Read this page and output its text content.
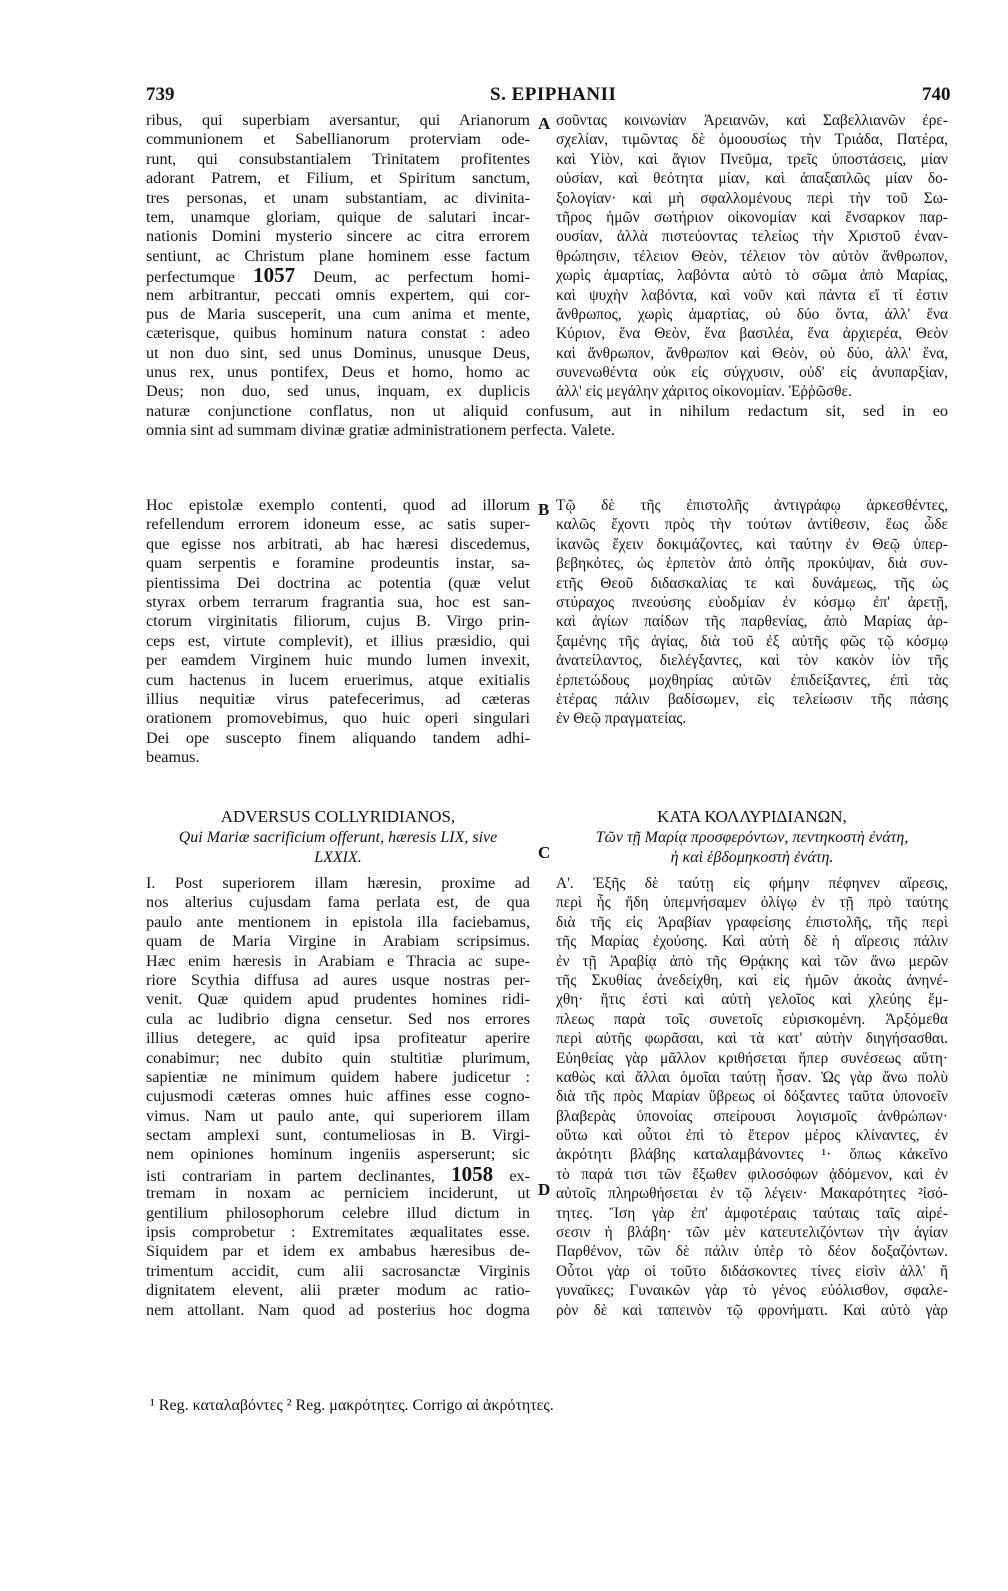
739	S. EPIPHANII	740
A
B
C
D
ribus, qui superbiam aversantur, qui Arianorum
communionem et Sabellianorum proterviam ode-
runt, qui consubstantialem Trinitatem profitentes
adorant Patrem, et Filium, et Spiritum sanctum,
tres personas, et unam substantiam, ac divinita-
tem, unamque gloriam, quique de salutari incar-
nationis Domini mysterio sincere ac citra errorem
sentiunt, ac Christum plane hominem esse factum
perfectumque 1057 Deum, ac perfectum homi-
nem arbitrantur, peccati omnis expertem, qui cor-
pus de Maria susceperit, una cum anima et mente,
cæterisque, quibus hominum natura constat : adeo
ut non duo sint, sed unus Dominus, unusque Deus,
unus rex, unus pontifex, Deus et homo, homo ac
Deus; non duo, sed unus, inquam, ex duplicis
σοῦντας κοινωνίαν Ἀρειανῶν, καὶ Σαβελλιανῶν ἐρε-
σχελίαν, τιμῶντας δὲ ὁμοουσίως τὴν Τριάδα, Πατέρα,
καὶ Υἱὸν, καὶ ἅγιον Πνεῦμα, τρεῖς ὑποστάσεις, μίαν
οὐσίαν, καὶ θεότητα μίαν, καὶ ἀπαξαπλῶς μίαν δο-
ξολογίαν· καὶ μὴ σφαλλομένους περὶ τὴν τοῦ Σω-
τῆρος ἡμῶν σωτήριον οἰκονομίαν καὶ ἔνσαρκον παρ-
ουσίαν, ἀλλὰ πιστεύοντας τελείως τὴν Χριστοῦ ἐναν-
θρώπησιν, τέλειον Θεὸν, τέλειον τὸν αὐτὸν ἄνθρωπον,
χωρὶς ἁμαρτίας, λαβόντα αὐτὸ τὸ σῶμα ἀπὸ Μαρίας,
καὶ ψυχὴν λαβόντα, καὶ νοῦν καὶ πάντα εἴ τί ἐστιν
ἄνθρωπος, χωρὶς ἁμαρτίας, οὐ δύο ὄντα, ἀλλ' ἕνα
Κύριον, ἕνα Θεὸν, ἕνα βασιλέα, ἕνα ἀρχιερέα, Θεὸν
καὶ ἄνθρωπον, ἄνθρωπον καὶ Θεὸν, οὐ δύο, ἀλλ' ἕνα,
συνενωθέντα οὐκ εἰς σύγχυσιν, οὐδ' εἰς ἀνυπαρξίαν,
ἀλλ' εἰς μεγάλην χάριτος οἰκονομίαν. Ἐῤῥῶσθε.
naturæ conjunctione conflatus, non ut aliquid confusum, aut in nihilum redactum sit, sed in eo
omnia sint ad summam divinæ gratiæ administrationem perfecta. Valete.
Hoc epistolæ exemplo contenti, quod ad illorum
refellendum errorem idoneum esse, ac satis super-
que egisse nos arbitrati, ab hac hæresi discedemus,
quam serpentis e foramine prodeuntis instar, sa-
pientissima Dei doctrina ac potentia (quæ velut
styrax orbem terrarum fragrantia sua, hoc est san-
ctorum virginitatis filiorum, cujus B. Virgo prin-
ceps est, virtute complevit), et illius præsidio, qui
per eamdem Virginem huic mundo lumen invexit,
cum hactenus in lucem eruerimus, atque exitialis
illius nequitiæ virus patefecerimus, ad cæteras
orationem promovebimus, quo huic operi singulari
Dei ope suscepto finem aliquando tandem adhi-
beamus.
Τῷ δὲ τῆς ἐπιστολῆς ἀντιγράφῳ ἀρκεσθέντες,
καλῶς ἔχοντι πρὸς τὴν τούτων ἀντίθεσιν, ἕως ὧδε
ἱκανῶς ἔχειν δοκιμάζοντες, καὶ ταύτην ἐν Θεῷ ὑπερ-
βεβηκότες, ὡς ἑρπετὸν ἀπὸ ὀπῆς προκύψαν, διὰ συν-
ετῆς Θεοῦ διδασκαλίας τε καὶ δυνάμεως, τῆς ὡς
στύραχος πνεούσης εὐοδμίαν ἐν κόσμῳ ἐπ' ἀρετῇ,
καὶ ἁγίων παίδων τῆς παρθενίας, ἀπὸ Μαρίας ἀρ-
ξαμένης τῆς ἁγίας, διὰ τοῦ ἐξ αὐτῆς φῶς τῷ κόσμῳ
ἀνατείλαντος, διελέγξαντες, καὶ τὸν κακὸν ἰὸν τῆς
ἑρπετώδους μοχθηρίας αὐτῶν ἐπιδείξαντες, ἐπὶ τὰς
ἑτέρας πάλιν βαδίσωμεν, εἰς τελείωσιν τῆς πάσης
ἐν Θεῷ πραγματείας.
ADVERSUS COLLYRIDIANOS,
Qui Mariæ sacrificium offerunt, hæresis LIX, sive
LXXIX.
ΚΑΤΑ ΚΟΛΛΥΡΙΔΙΑΝΩΝ,
Τῶν τῇ Μαρίᾳ προσφερόντων, πεντηκοστὴ ἐνάτη,
ἡ καὶ ἑβδομηκοστὴ ἐνάτη.
I. Post superiorem illam hæresin, proxime ad
nos alterius cujusdam fama perlata est, de qua
paulo ante mentionem in epistola illa faciebamus,
quam de Maria Virgine in Arabiam scripsimus.
Hæc enim hæresis in Arabiam e Thracia ac supe-
riore Scythia diffusa ad aures usque nostras per-
venit. Quæ quidem apud prudentes homines ridi-
cula ac ludibrio digna censetur. Sed nos errores
illius detegere, ac quid ipsa profiteatur aperire
conabimur; nec dubito quin stultitiæ plurimum,
sapientiæ ne minimum quidem habere judicetur :
cujusmodi cæteras omnes huic affines esse cogno-
vimus. Nam ut paulo ante, qui superiorem illam
sectam amplexi sunt, contumeliosas in B. Virgi-
nem opiniones hominum ingeniis asperserunt; sic
isti contrariam in partem declinantes, 1058 ex-
tremam in noxam ac perniciem inciderunt, ut
gentilium philosophorum celebre illud dictum in
ipsis comprobetur : Extremitates æqualitates esse.
Siquidem par et idem ex ambabus hæresibus de-
trimentum accidit, cum alii sacrosanctæ Virginis
dignitatem elevent, alii præter modum ac ratio-
nem attollant. Nam quod ad posterius hoc dogma
Α'. Ἐξῆς δὲ ταύτῃ εἰς φήμην πέφηνεν αἵρεσις,
περὶ ἧς ἤδη ὑπεμνήσαμεν ὀλίγῳ ἐν τῇ πρὸ ταύτης
διὰ τῆς εἰς Ἀραβίαν γραφείσης ἐπιστολῆς, τῆς περὶ
τῆς Μαρίας ἐχούσης. Καὶ αὐτὴ δὲ ἡ αἵρεσις πάλιν
ἐν τῇ Ἀραβίᾳ ἀπὸ τῆς Θρᾴκης καὶ τῶν ἄνω μερῶν
τῆς Σκυθίας ἀνεδείχθη, καὶ εἰς ἡμῶν ἀκοὰς ἀνηνέ-
χθη· ἥτις ἐστὶ καὶ αὐτὴ γελοῖος καὶ χλεύης ἔμ-
πλεως παρὰ τοῖς συνετοῖς εὑρισκομένη. Ἀρξόμεθα
περὶ αὐτῆς φωρᾶσαι, καὶ τὰ κατ' αὐτὴν διηγήσασθαι.
Εὐηθείας γὰρ μᾶλλον κριθήσεται ἤπερ συνέσεως αὕτη·
καθὼς καὶ ἄλλαι ὁμοῖαι ταύτῃ ἦσαν. Ὡς γὰρ ἄνω πολὺ
διὰ τῆς πρὸς Μαρίαν ὕβρεως οἱ δόξαντες ταῦτα ὑπονοεῖν
βλαβερὰς ὑπονοίας σπείρουσι λογισμοῖς ἀνθρώπων·
οὕτω καὶ οὗτοι ἐπὶ τὸ ἕτερον μέρος κλίναντες, ἐν
ἀκρότητι βλάβης καταλαμβάνοντες ¹· ὅπως κἀκεῖνο
τὸ παρά τισι τῶν ἔξωθεν φιλοσόφων ᾀδόμενον, καὶ ἐν
αὐτοῖς πληρωθήσεται ἐν τῷ λέγειν· Μακαρότητες ²ἰσό-
τητες. Ἴση γὰρ ἐπ' ἀμφοτέραις ταύταις ταῖς αἱρέ-
σεσιν ἡ βλάβη· τῶν μὲν κατευτελιζόντων τὴν ἁγίαν
Παρθένον, τῶν δὲ πάλιν ὑπὲρ τὸ δέον δοξαζόντων.
Οὗτοι γὰρ οἱ τοῦτο διδάσκοντες τίνες εἰσὶν ἀλλ' ἤ
γυναῖκες; Γυναικῶν γὰρ τὸ γένος εὐόλισθον, σφαλε-
ρὸν δὲ καὶ ταπεινὸν τῷ φρονήματι. Καὶ αὐτὸ γὰρ
¹ Reg. καταλαβόντες ² Reg. μακρότητες. Corrigo αἱ ἀκρότητες.
